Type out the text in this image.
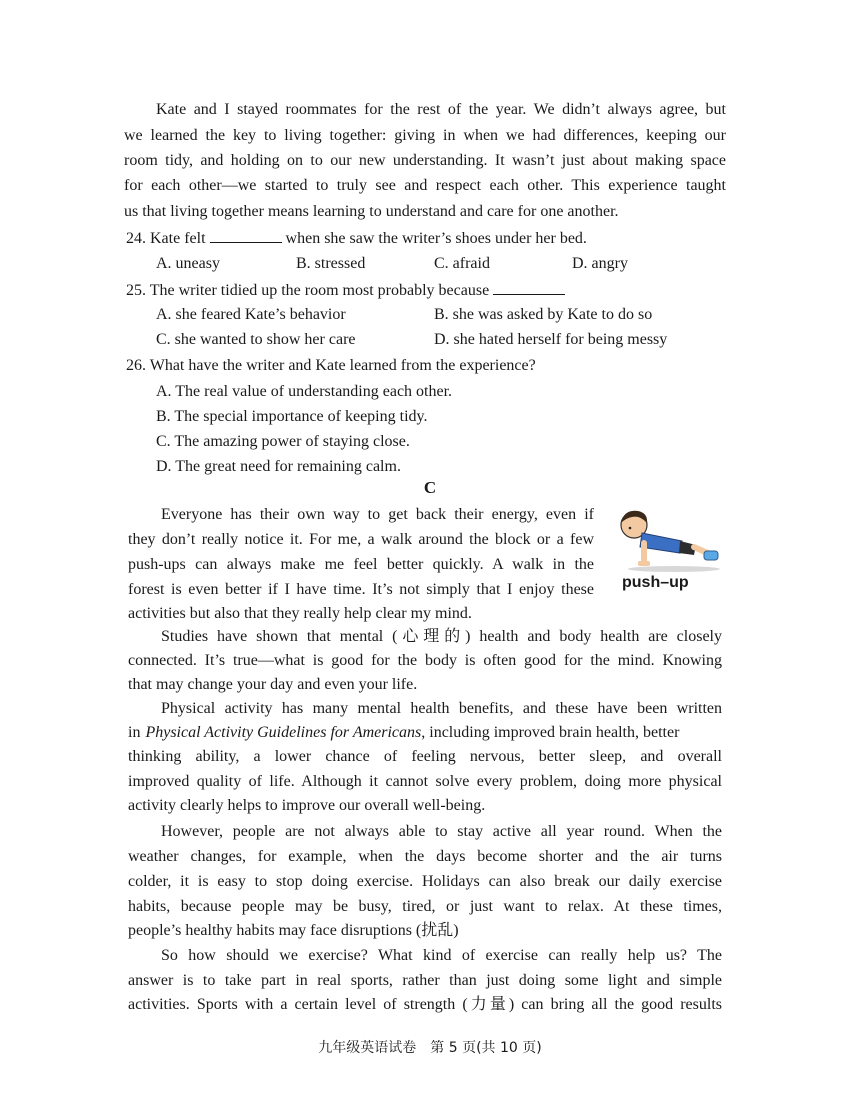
Kate and I stayed roommates for the rest of the year. We didn’t always agree, but
we learned the key to living together: giving in when we had differences, keeping our
room tidy, and holding on to our new understanding. It wasn’t just about making space
for each other—we started to truly see and respect each other. This experience taught
us that living together means learning to understand and care for one another.
24. Kate felt	when she saw the writer’s shoes under her bed.
A. uneasy	B. stressed	C. afraid	D. angry
25. The writer tidied up the room most probably because
A. she feared Kate’s behavior	B. she was asked by Kate to do so
C. she wanted to show her care	D. she hated herself for being messy
26. What have the writer and Kate learned from the experience?
A. The real value of understanding each other.
B. The special importance of keeping tidy.
C. The amazing power of staying close.
D. The great need for remaining calm.
C
Everyone has their own way to get back their energy, even if
they don’t really notice it. For me, a walk around the block or a few
push-ups can always make me feel better quickly. A walk in the
forest is even better if I have time. It’s not simply that I enjoy these
activities but also that they really help clear my mind.
push–up
Studies have shown that mental (心理的) health and body health are closely
connected. It’s true—what is good for the body is often good for the mind. Knowing
that may change your day and even your life.
Physical activity has many mental health benefits, and these have been written
in Physical Activity Guidelines for Americans, including improved brain health, better
thinking ability, a lower chance of feeling nervous, better sleep, and overall
improved quality of life. Although it cannot solve every problem, doing more physical
activity clearly helps to improve our overall well-being.
However, people are not always able to stay active all year round. When the
weather changes, for example, when the days become shorter and the air turns
colder, it is easy to stop doing exercise. Holidays can also break our daily exercise
habits, because people may be busy, tired, or just want to relax. At these times,
people’s healthy habits may face disruptions (扰乱)
So how should we exercise? What kind of exercise can really help us? The
answer is to take part in real sports, rather than just doing some light and simple
activities. Sports with a certain level of strength (力量) can bring all the good results
九年级英语试卷　第 5 页(共 10 页)
